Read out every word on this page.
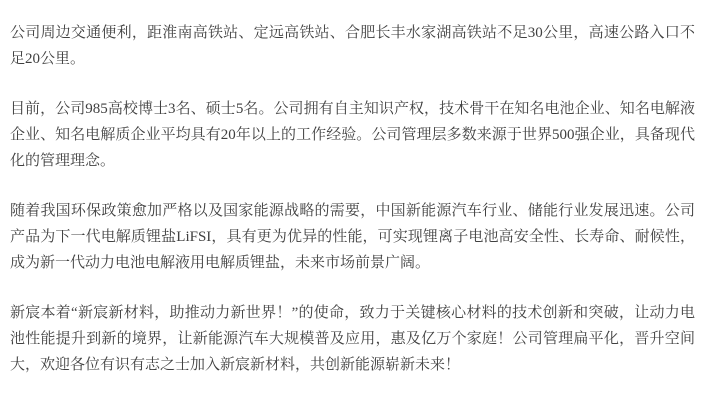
公司周边交通便利，距淮南高铁站、定远高铁站、合肥长丰水家湖高铁站不足30公里，高速公路入口不足20公里。

目前，公司985高校博士3名、硕士5名。公司拥有自主知识产权，技术骨干在知名电池企业、知名电解液企业、知名电解质企业平均具有20年以上的工作经验。公司管理层多数来源于世界500强企业，具备现代化的管理理念。

随着我国环保政策愈加严格以及国家能源战略的需要，中国新能源汽车行业、储能行业发展迅速。公司产品为下一代电解质锂盐LiFSI，具有更为优异的性能，可实现锂离子电池高安全性、长寿命、耐候性，成为新一代动力电池电解液用电解质锂盐，未来市场前景广阔。

新宸本着“新宸新材料，助推动力新世界！”的使命，致力于关键核心材料的技术创新和突破，让动力电池性能提升到新的境界，让新能源汽车大规模普及应用，惠及亿万个家庭！公司管理扁平化，晋升空间大，欢迎各位有识有志之士加入新宸新材料，共创新能源崭新未来！
